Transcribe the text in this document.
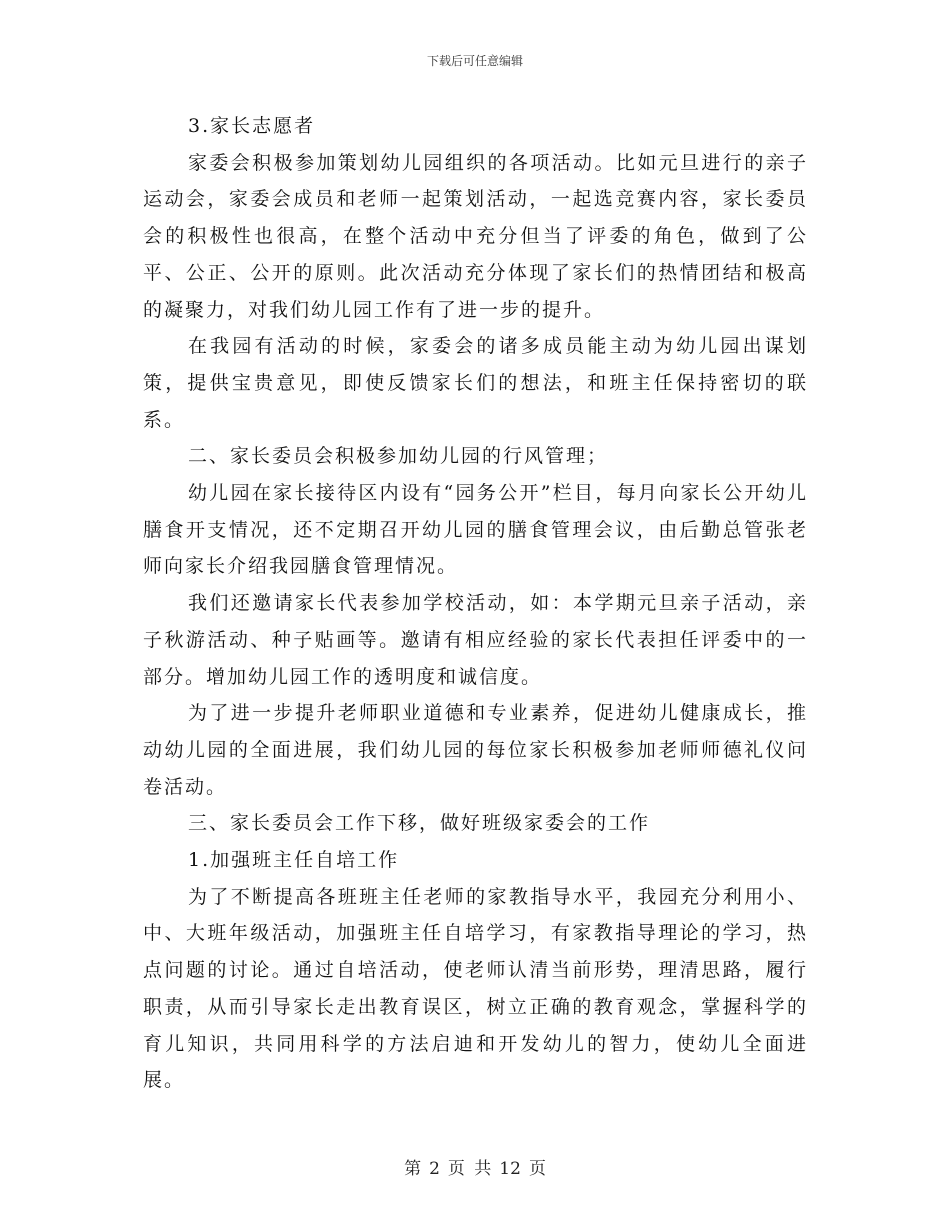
下载后可任意编辑

3.家长志愿者

家委会积极参加策划幼儿园组织的各项活动。比如元旦进行的亲子运动会，家委会成员和老师一起策划活动，一起选竞赛内容，家长委员会的积极性也很高，在整个活动中充分但当了评委的角色，做到了公平、公正、公开的原则。此次活动充分体现了家长们的热情团结和极高的凝聚力，对我们幼儿园工作有了进一步的提升。

在我园有活动的时候，家委会的诸多成员能主动为幼儿园出谋划策，提供宝贵意见，即使反馈家长们的想法，和班主任保持密切的联系。

二、家长委员会积极参加幼儿园的行风管理；

幼儿园在家长接待区内设有“园务公开”栏目，每月向家长公开幼儿膳食开支情况，还不定期召开幼儿园的膳食管理会议，由后勤总管张老师向家长介绍我园膳食管理情况。

我们还邀请家长代表参加学校活动，如：本学期元旦亲子活动，亲子秋游活动、种子贴画等。邀请有相应经验的家长代表担任评委中的一部分。增加幼儿园工作的透明度和诚信度。

为了进一步提升老师职业道德和专业素养，促进幼儿健康成长，推动幼儿园的全面进展，我们幼儿园的每位家长积极参加老师师德礼仪问卷活动。

三、家长委员会工作下移，做好班级家委会的工作

1.加强班主任自培工作

为了不断提高各班班主任老师的家教指导水平，我园充分利用小、中、大班年级活动，加强班主任自培学习，有家教指导理论的学习，热点问题的讨论。通过自培活动，使老师认清当前形势，理清思路，履行职责，从而引导家长走出教育误区，树立正确的教育观念，掌握科学的育儿知识，共同用科学的方法启迪和开发幼儿的智力，使幼儿全面进展。

第 2 页 共 12 页
